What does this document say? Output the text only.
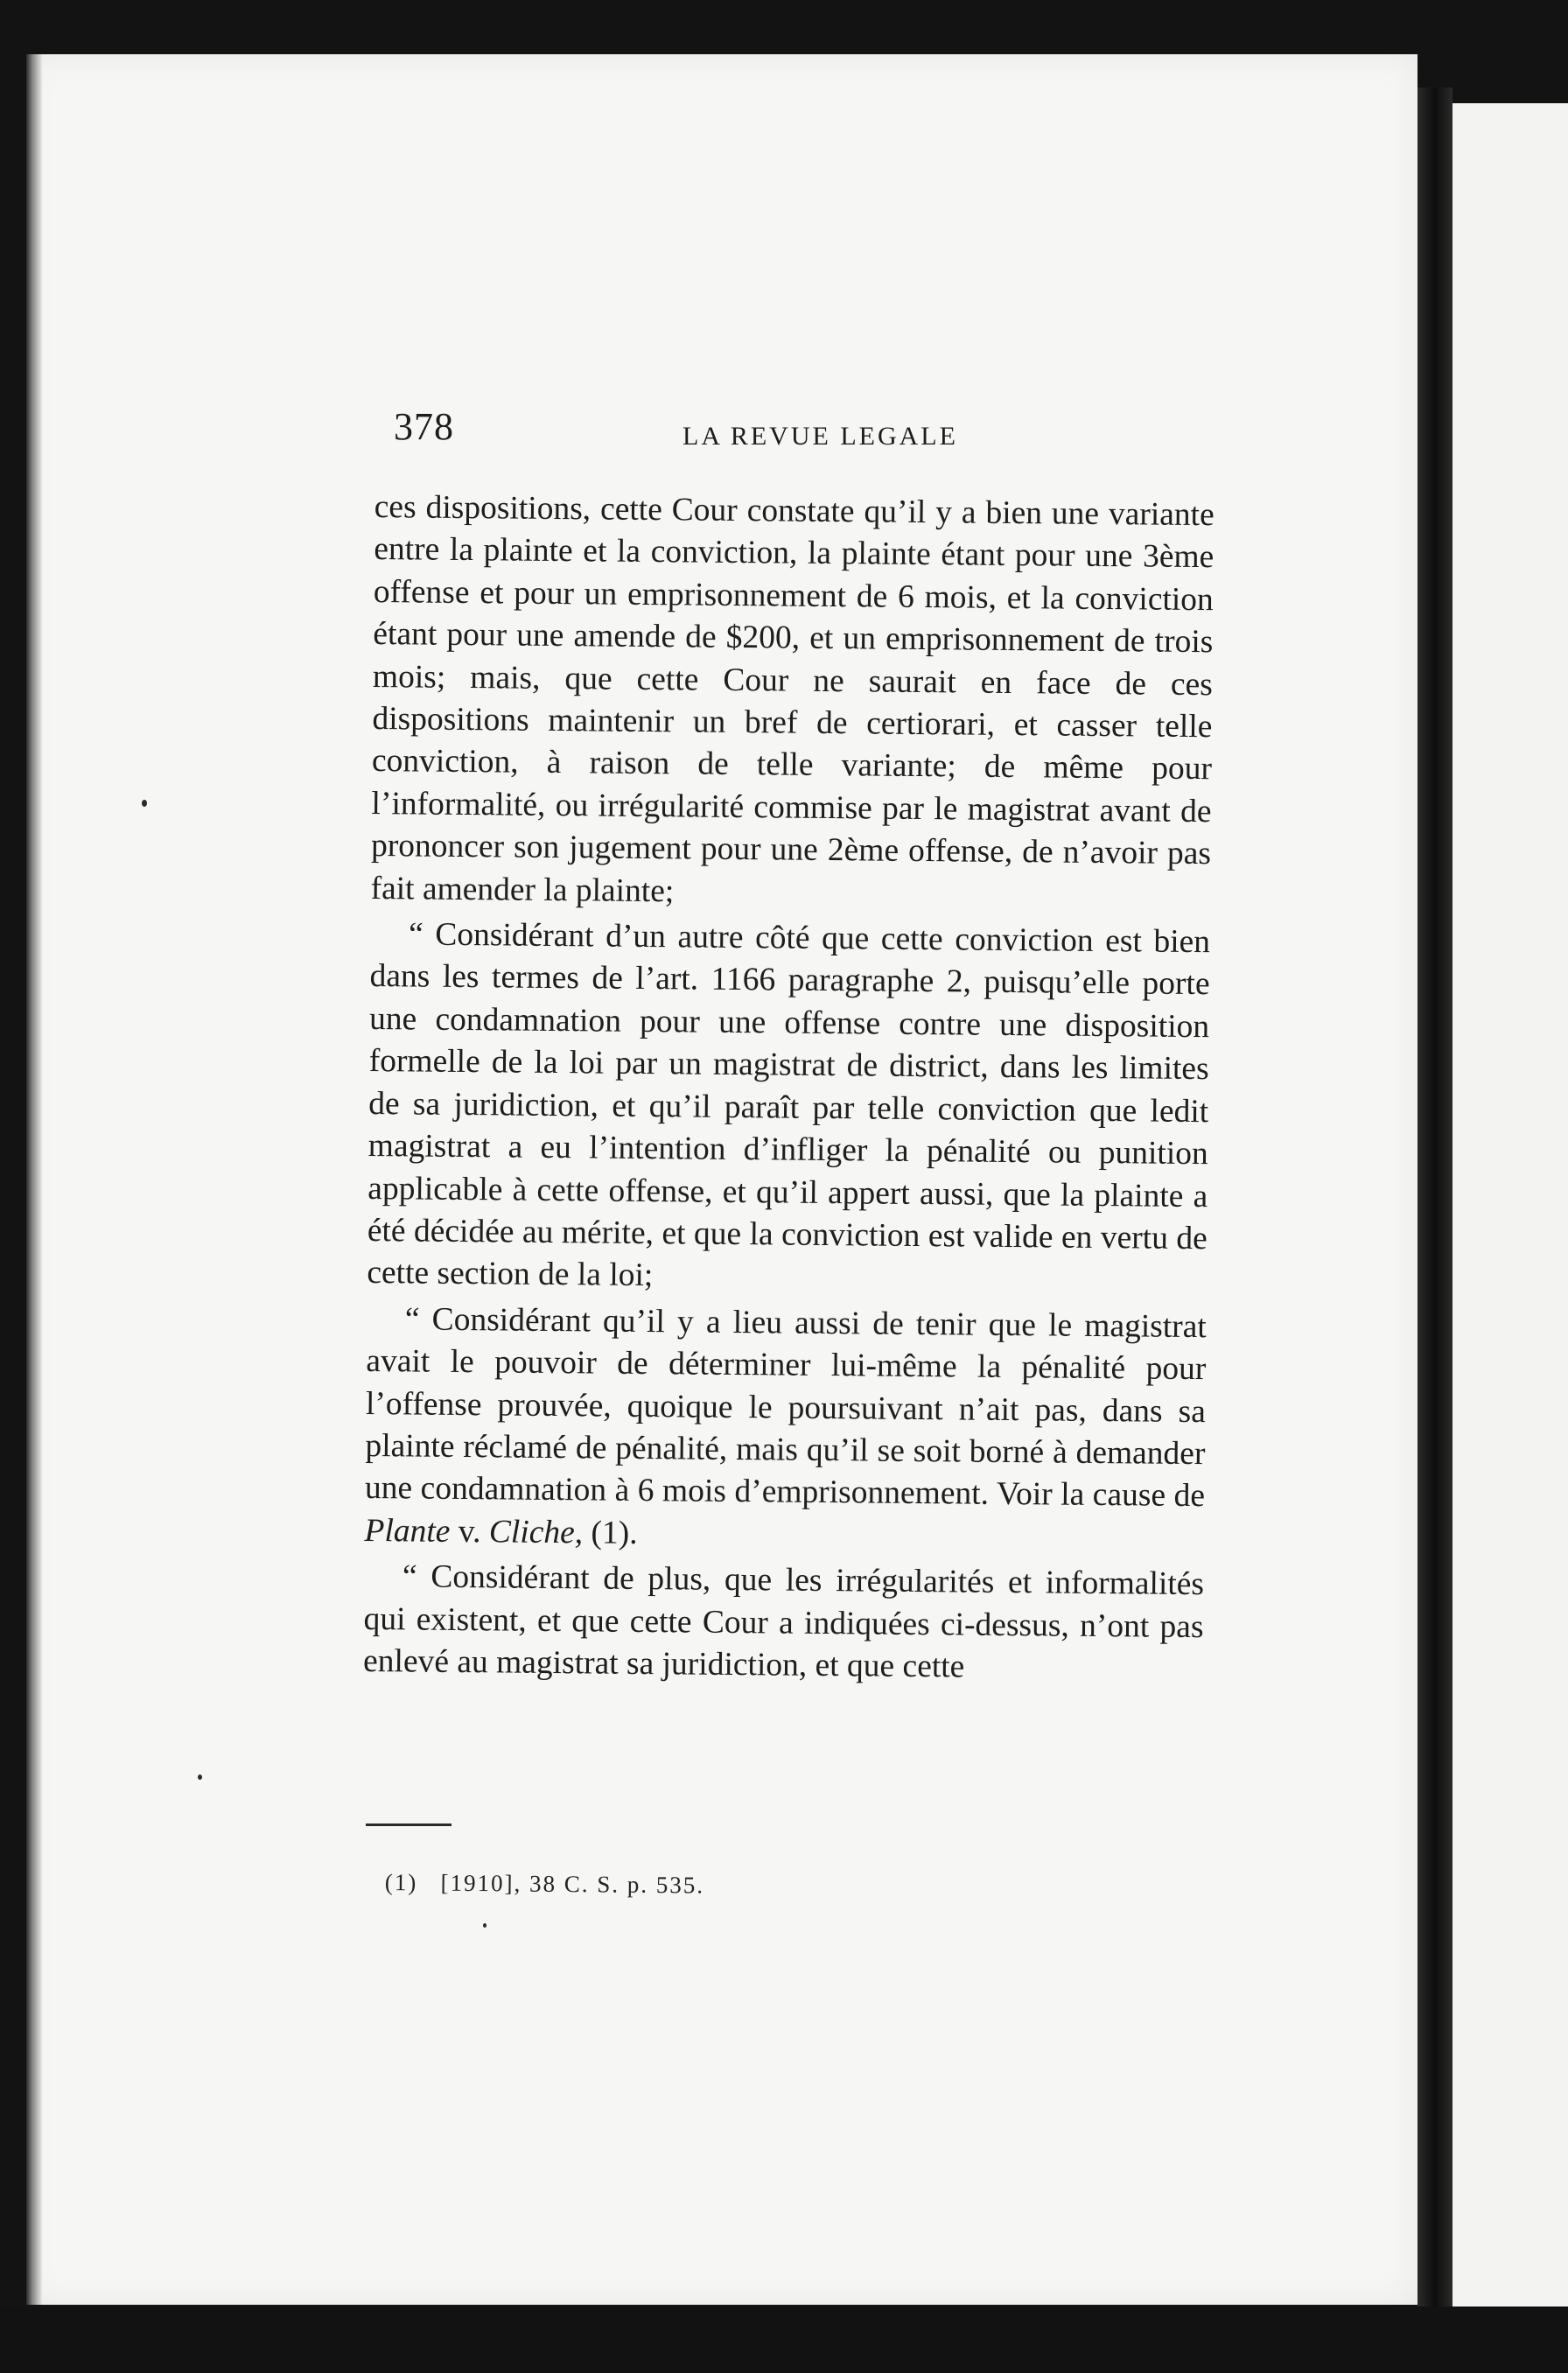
378	LA REVUE LEGALE

ces dispositions, cette Cour constate qu’il y a bien une variante entre la plainte et la conviction, la plainte étant pour une 3ème offense et pour un emprisonnement de 6 mois, et la conviction étant pour une amende de $200, et un emprisonnement de trois mois; mais, que cette Cour ne saurait en face de ces dispositions maintenir un bref de certiorari, et casser telle conviction, à raison de telle variante; de même pour l’informalité, ou irrégularité commise par le magistrat avant de prononcer son jugement pour une 2ème offense, de n’avoir pas fait amender la plainte;

“ Considérant d’un autre côté que cette conviction est bien dans les termes de l’art. 1166 paragraphe 2, puisqu’elle porte une condamnation pour une offense contre une disposition formelle de la loi par un magistrat de district, dans les limites de sa juridiction, et qu’il paraît par telle conviction que ledit magistrat a eu l’intention d’infliger la pénalité ou punition applicable à cette offense, et qu’il appert aussi, que la plainte a été décidée au mérite, et que la conviction est valide en vertu de cette section de la loi;

“ Considérant qu’il y a lieu aussi de tenir que le magistrat avait le pouvoir de déterminer lui-même la pénalité pour l’offense prouvée, quoique le poursuivant n’ait pas, dans sa plainte réclamé de pénalité, mais qu’il se soit borné à demander une condamnation à 6 mois d’emprisonnement. Voir la cause de Plante v. Cliche, (1).

“ Considérant de plus, que les irrégularités et informalités qui existent, et que cette Cour a indiquées ci-dessus, n’ont pas enlevé au magistrat sa juridiction, et que cette

(1) [1910], 38 C. S. p. 535.
